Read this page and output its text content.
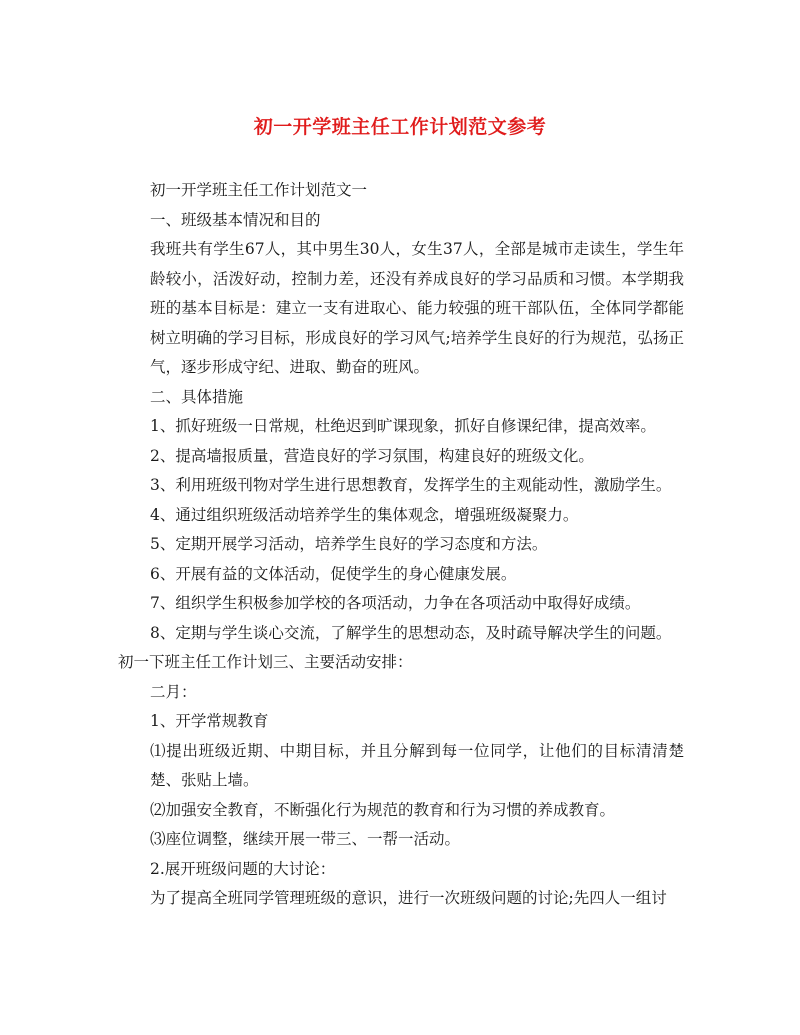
初一开学班主任工作计划范文参考

初一开学班主任工作计划范文一

一、班级基本情况和目的

我班共有学生67人，其中男生30人，女生37人，全部是城市走读生，学生年龄较小，活泼好动，控制力差，还没有养成良好的学习品质和习惯。本学期我班的基本目标是：建立一支有进取心、能力较强的班干部队伍，全体同学都能树立明确的学习目标，形成良好的学习风气;培养学生良好的行为规范，弘扬正气，逐步形成守纪、进取、勤奋的班风。

二、具体措施

1、抓好班级一日常规，杜绝迟到旷课现象，抓好自修课纪律，提高效率。

2、提高墙报质量，营造良好的学习氛围，构建良好的班级文化。

3、利用班级刊物对学生进行思想教育，发挥学生的主观能动性，激励学生。

4、通过组织班级活动培养学生的集体观念，增强班级凝聚力。

5、定期开展学习活动，培养学生良好的学习态度和方法。

6、开展有益的文体活动，促使学生的身心健康发展。

7、组织学生积极参加学校的各项活动，力争在各项活动中取得好成绩。

8、定期与学生谈心交流，了解学生的思想动态，及时疏导解决学生的问题。

初一下班主任工作计划三、主要活动安排：

二月：

1、开学常规教育

⑴提出班级近期、中期目标，并且分解到每一位同学，让他们的目标清清楚楚、张贴上墙。

⑵加强安全教育，不断强化行为规范的教育和行为习惯的养成教育。

⑶座位调整，继续开展一带三、一帮一活动。

2.展开班级问题的大讨论：

为了提高全班同学管理班级的意识，进行一次班级问题的讨论;先四人一组讨
